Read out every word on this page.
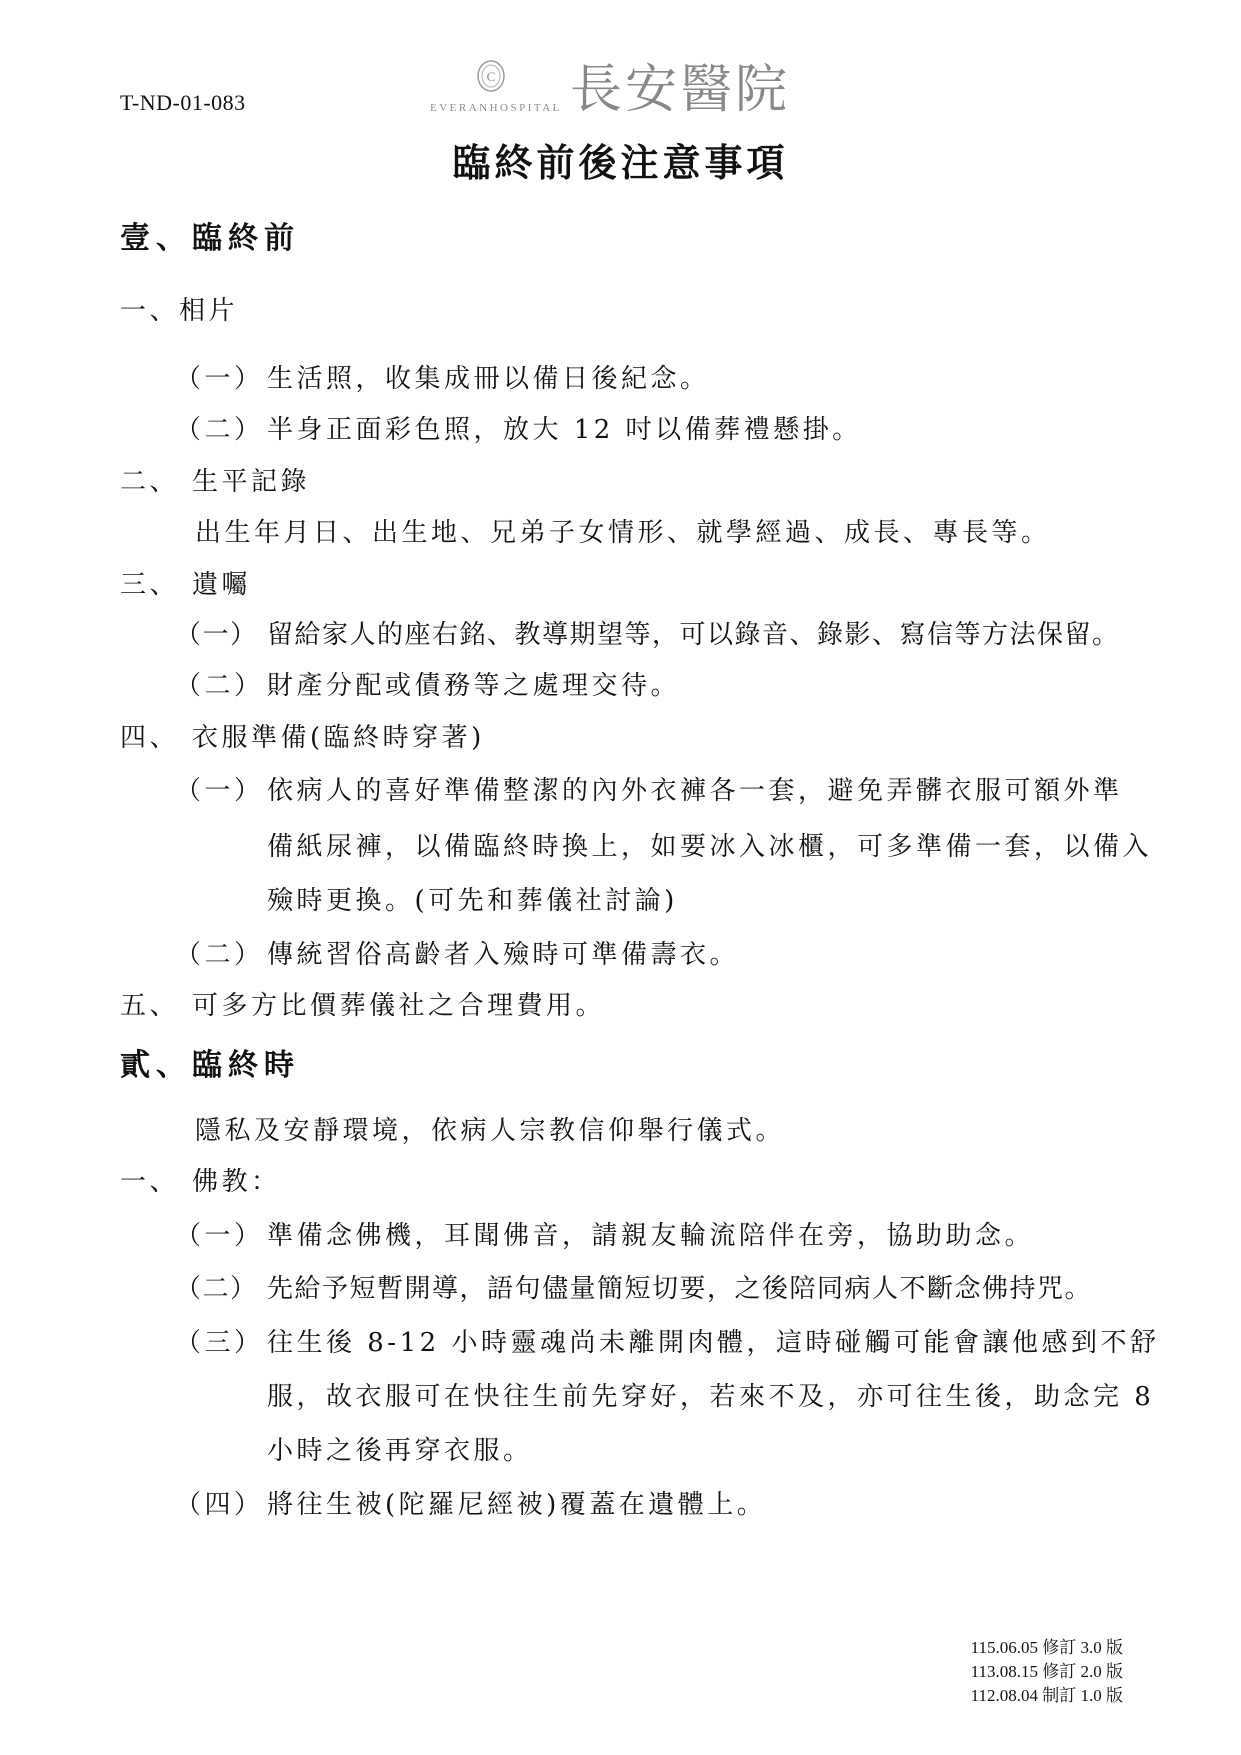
T-ND-01-083
C
EVERANHOSPITAL 長安醫院
臨終前後注意事項
壹、臨終前
一、相片
（一） 生活照，收集成冊以備日後紀念。
（二） 半身正面彩色照，放大 12 吋以備葬禮懸掛。
二、 生平記錄
出生年月日、出生地、兄弟子女情形、就學經過、成長、專長等。
三、 遺囑
（一） 留給家人的座右銘、教導期望等，可以錄音、錄影、寫信等方法保留。
（二） 財產分配或債務等之處理交待。
四、 衣服準備(臨終時穿著)
（一） 依病人的喜好準備整潔的內外衣褲各一套，避免弄髒衣服可額外準
備紙尿褲，以備臨終時換上，如要冰入冰櫃，可多準備一套，以備入
殮時更換。(可先和葬儀社討論)
（二） 傳統習俗高齡者入殮時可準備壽衣。
五、 可多方比價葬儀社之合理費用。
貳、臨終時
隱私及安靜環境，依病人宗教信仰舉行儀式。
一、 佛教：
（一） 準備念佛機，耳聞佛音，請親友輪流陪伴在旁，協助助念。
（二） 先給予短暫開導，語句儘量簡短切要，之後陪同病人不斷念佛持咒。
（三） 往生後 8-12 小時靈魂尚未離開肉體，這時碰觸可能會讓他感到不舒
服，故衣服可在快往生前先穿好，若來不及，亦可往生後，助念完 8
小時之後再穿衣服。
（四） 將往生被(陀羅尼經被)覆蓋在遺體上。
115.06.05 修訂 3.0 版
113.08.15 修訂 2.0 版
112.08.04 制訂 1.0 版
